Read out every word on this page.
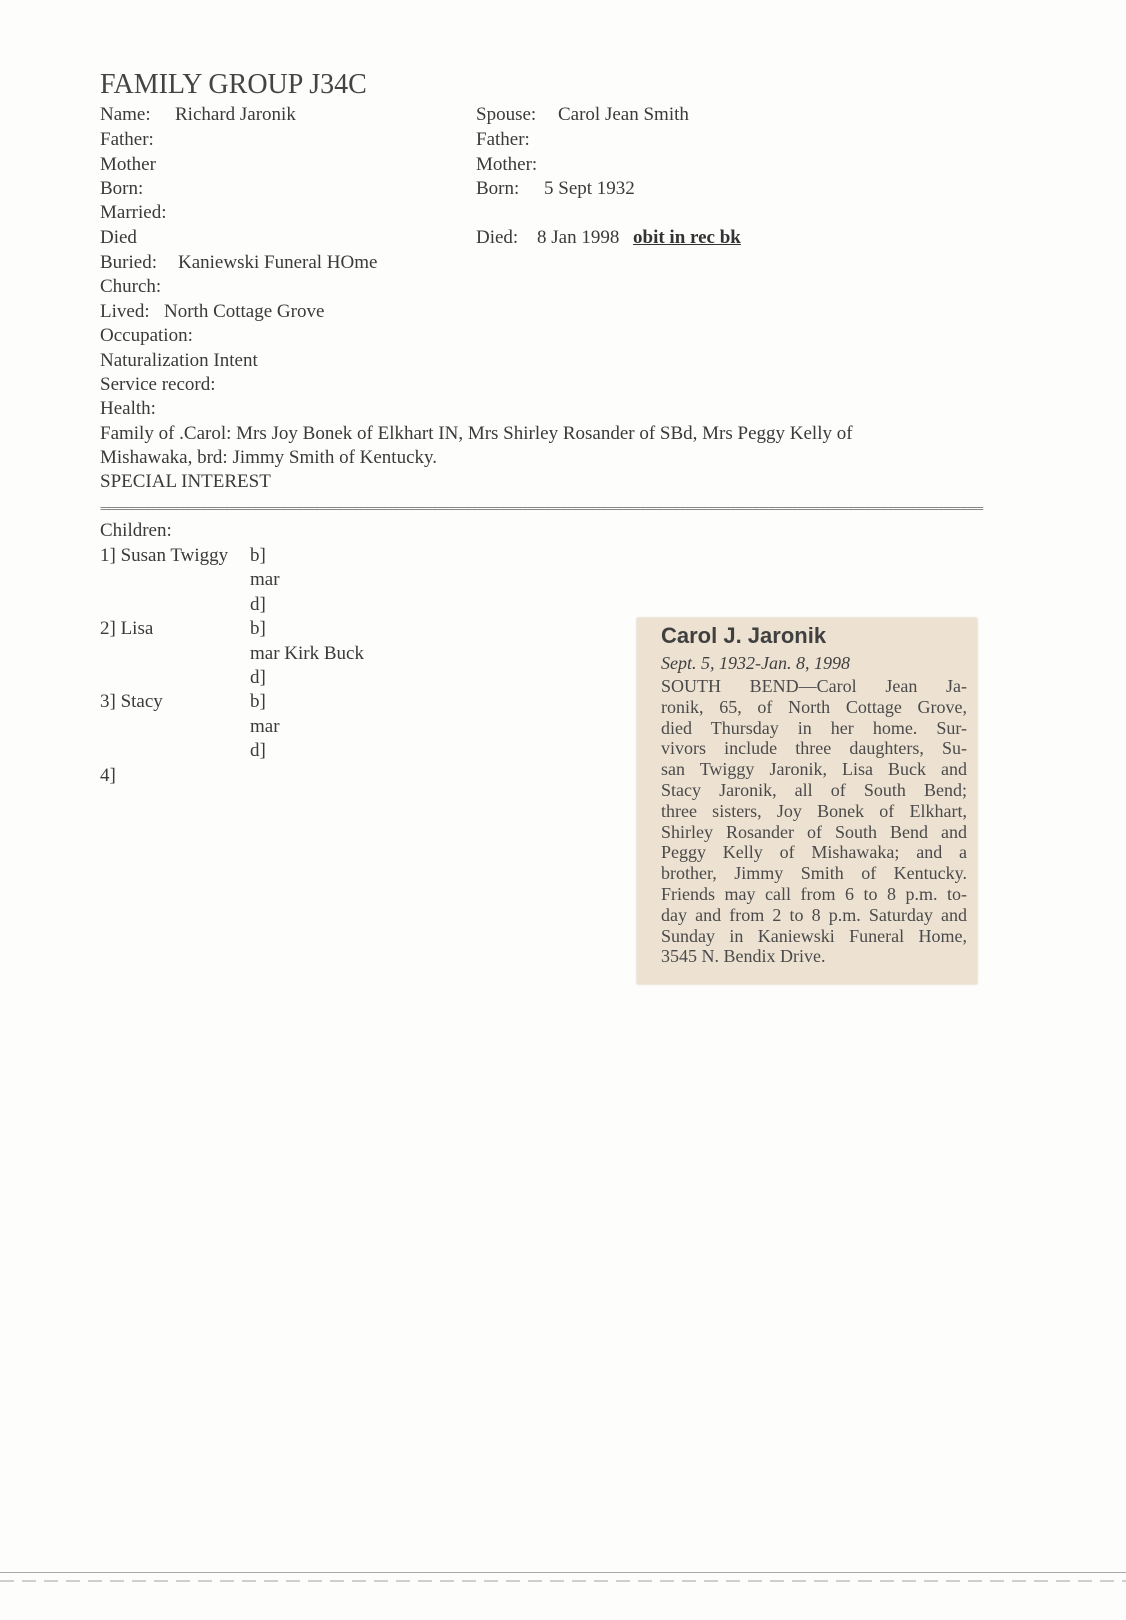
FAMILY GROUP J34C
Name: Richard Jaronik
Father:
Mother
Born:
Married:
Died
Buried: Kaniewski Funeral HOme
Church:
Lived: North Cottage Grove
Occupation:
Naturalization Intent
Service record:
Health:
Spouse: Carol Jean Smith
Father:
Mother:
Born: 5 Sept 1932
Died: 8 Jan 1998 obit in rec bk
Family of .Carol: Mrs Joy Bonek of Elkhart IN, Mrs Shirley Rosander of SBd, Mrs Peggy Kelly of
Mishawaka, brd: Jimmy Smith of Kentucky.
SPECIAL INTEREST
=============================================================================================================================================================
Children:
1] Susan Twiggy b]
mar
d]
2] Lisa	b]
mar Kirk Buck
d]
3] Stacy	b]
mar
d]
4]
Carol J. Jaronik
Sept. 5, 1932-Jan. 8, 1998
SOUTH BEND—Carol Jean Ja-
ronik, 65, of North Cottage Grove,
died Thursday in her home. Sur-
vivors include three daughters, Su-
san Twiggy Jaronik, Lisa Buck and
Stacy Jaronik, all of South Bend;
three sisters, Joy Bonek of Elkhart,
Shirley Rosander of South Bend and
Peggy Kelly of Mishawaka; and a
brother, Jimmy Smith of Kentucky.
Friends may call from 6 to 8 p.m. to-
day and from 2 to 8 p.m. Saturday and
Sunday in Kaniewski Funeral Home,
3545 N. Bendix Drive.
